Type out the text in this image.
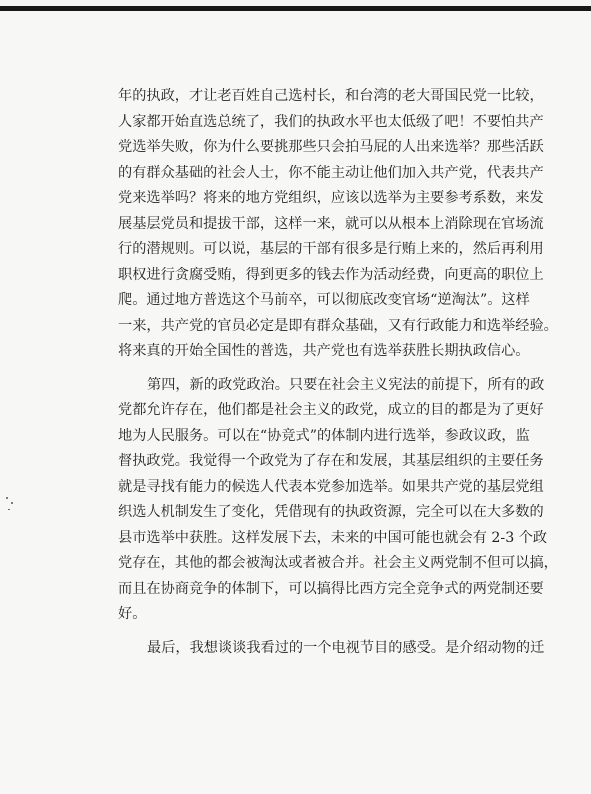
年的执政，才让老百姓自己选村长，和台湾的老大哥国民党一比较，
人家都开始直选总统了，我们的执政水平也太低级了吧！不要怕共产
党选举失败，你为什么要挑那些只会拍马屁的人出来选举？那些活跃
的有群众基础的社会人士，你不能主动让他们加入共产党，代表共产
党来选举吗？将来的地方党组织，应该以选举为主要参考系数，来发
展基层党员和提拔干部，这样一来，就可以从根本上消除现在官场流
行的潜规则。可以说，基层的干部有很多是行贿上来的，然后再利用
职权进行贪腐受贿，得到更多的钱去作为活动经费，向更高的职位上
爬。通过地方普选这个马前卒，可以彻底改变官场“逆淘汰”。这样
一来，共产党的官员必定是即有群众基础，又有行政能力和选举经验。
将来真的开始全国性的普选，共产党也有选举获胜长期执政信心。
第四，新的政党政治。只要在社会主义宪法的前提下，所有的政
党都允许存在，他们都是社会主义的政党，成立的目的都是为了更好
地为人民服务。可以在“协竞式”的体制内进行选举，参政议政，监
督执政党。我觉得一个政党为了存在和发展，其基层组织的主要任务
就是寻找有能力的候选人代表本党参加选举。如果共产党的基层党组
织选人机制发生了变化，凭借现有的执政资源，完全可以在大多数的
县市选举中获胜。这样发展下去，未来的中国可能也就会有 2-3 个政
党存在，其他的都会被淘汰或者被合并。社会主义两党制不但可以搞，
而且在协商竞争的体制下，可以搞得比西方完全竞争式的两党制还要
好。
最后，我想谈谈我看过的一个电视节目的感受。是介绍动物的迁
